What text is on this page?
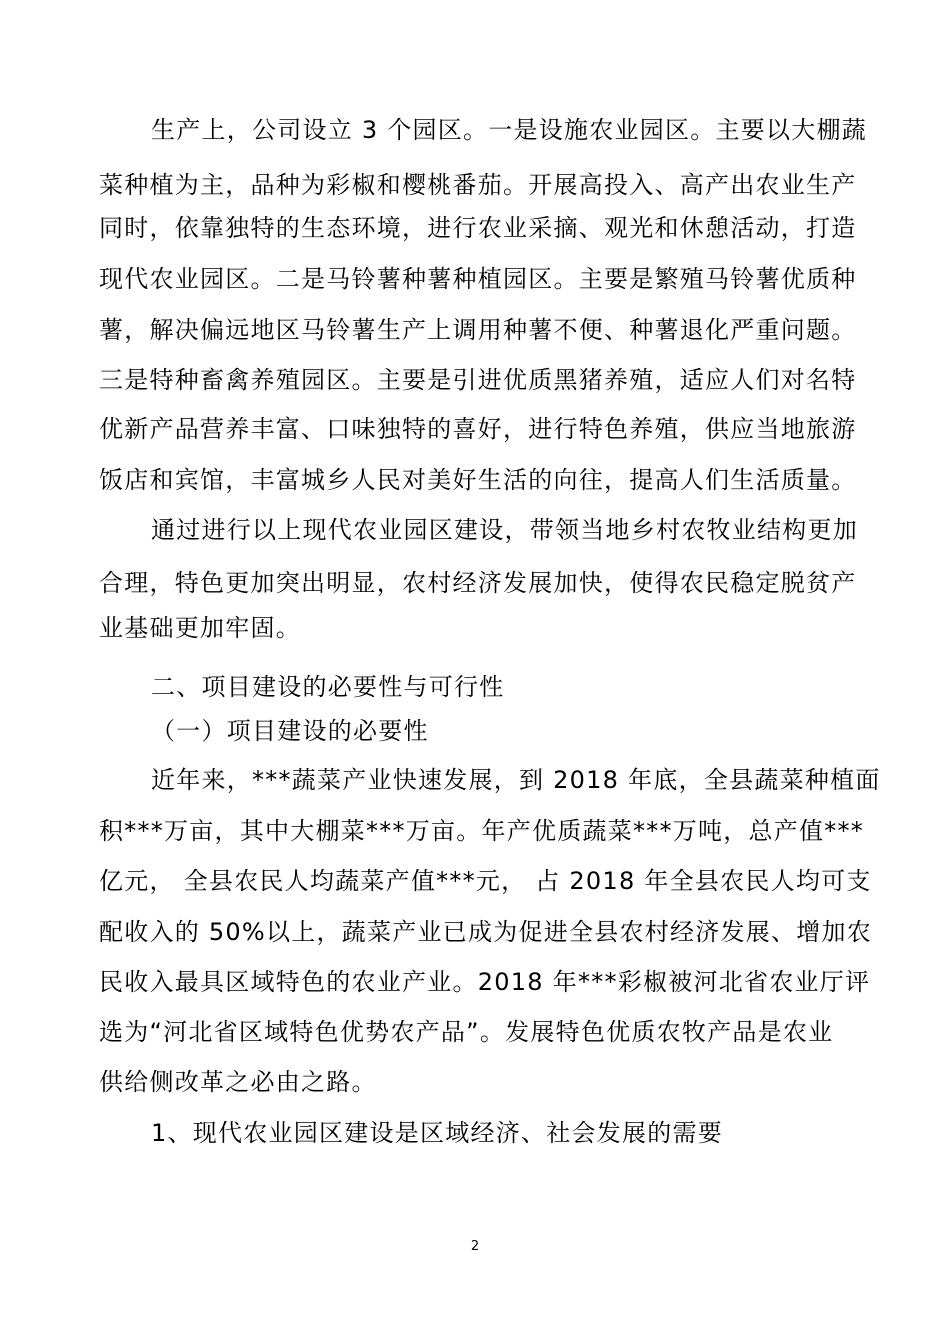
生产上，公司设立 3 个园区。一是设施农业园区。主要以大棚蔬
菜种植为主，品种为彩椒和樱桃番茄。开展高投入、高产出农业生产
同时，依靠独特的生态环境，进行农业采摘、观光和休憩活动，打造
现代农业园区。二是马铃薯种薯种植园区。主要是繁殖马铃薯优质种
薯，解决偏远地区马铃薯生产上调用种薯不便、种薯退化严重问题。
三是特种畜禽养殖园区。主要是引进优质黑猪养殖，适应人们对名特
优新产品营养丰富、口味独特的喜好，进行特色养殖，供应当地旅游
饭店和宾馆，丰富城乡人民对美好生活的向往，提高人们生活质量。
通过进行以上现代农业园区建设，带领当地乡村农牧业结构更加
合理，特色更加突出明显，农村经济发展加快，使得农民稳定脱贫产
业基础更加牢固。
二、项目建设的必要性与可行性
（一）项目建设的必要性
近年来，***蔬菜产业快速发展，到 2018 年底，全县蔬菜种植面
积***万亩，其中大棚菜***万亩。年产优质蔬菜***万吨，总产值***
亿元， 全县农民人均蔬菜产值***元， 占 2018 年全县农民人均可支
配收入的 50%以上，蔬菜产业已成为促进全县农村经济发展、增加农
民收入最具区域特色的农业产业。2018 年***彩椒被河北省农业厅评
选为“河北省区域特色优势农产品”。发展特色优质农牧产品是农业
供给侧改革之必由之路。
1、现代农业园区建设是区域经济、社会发展的需要
2
